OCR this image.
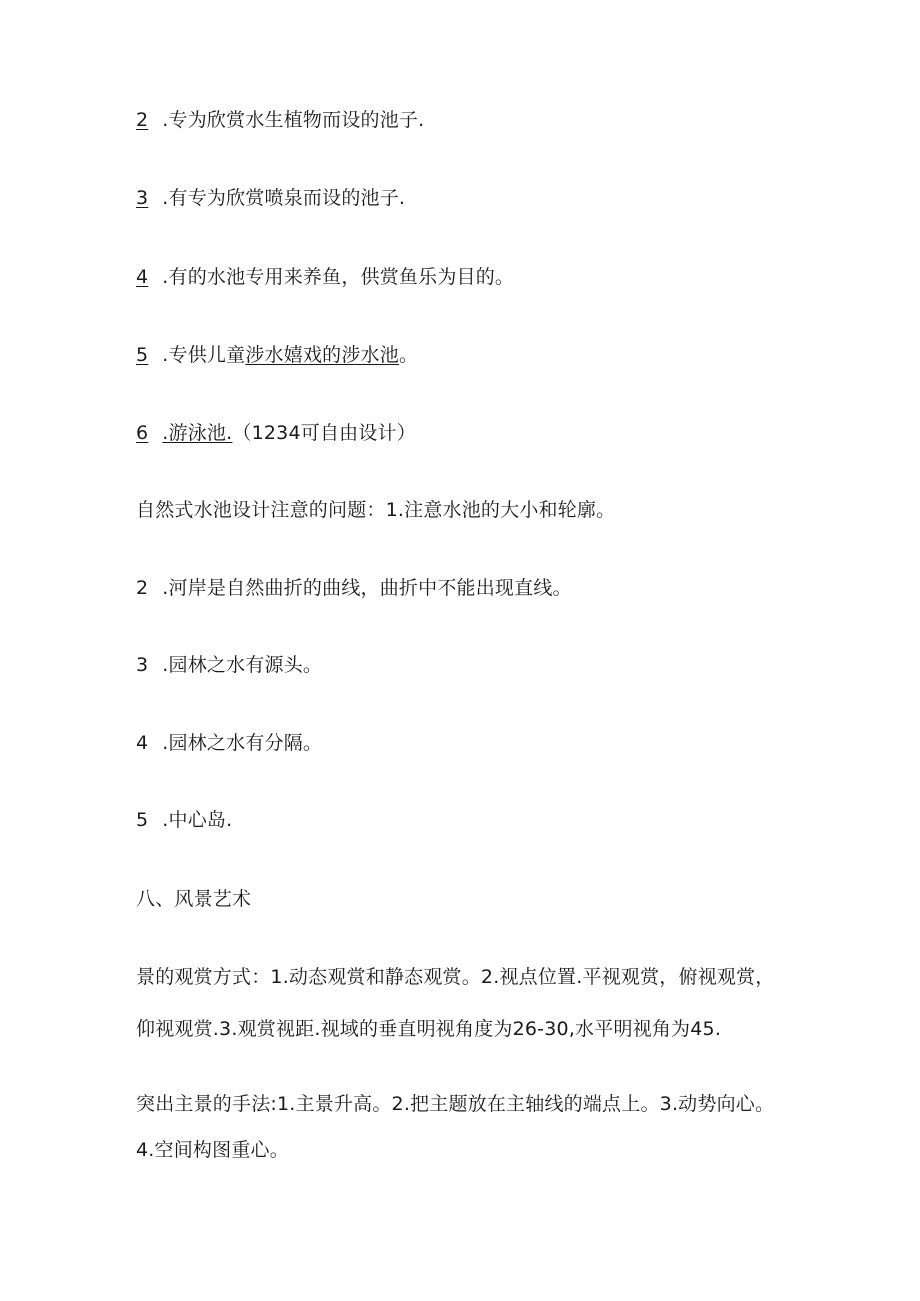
2 .专为欣赏水生植物而设的池子.
3 .有专为欣赏喷泉而设的池子.
4 .有的水池专用来养鱼，供赏鱼乐为目的。
5 .专供儿童涉水嬉戏的涉水池。
6 .游泳池.（1234可自由设计）
自然式水池设计注意的问题：1.注意水池的大小和轮廓。
2 .河岸是自然曲折的曲线，曲折中不能出现直线。
3 .园林之水有源头。
4 .园林之水有分隔。
5 .中心岛.
八、风景艺术
景的观赏方式：1.动态观赏和静态观赏。2.视点位置.平视观赏，俯视观赏，
仰视观赏.3.观赏视距.视域的垂直明视角度为26-30,水平明视角为45.
突出主景的手法:1.主景升高。2.把主题放在主轴线的端点上。3.动势向心。
4.空间构图重心。
